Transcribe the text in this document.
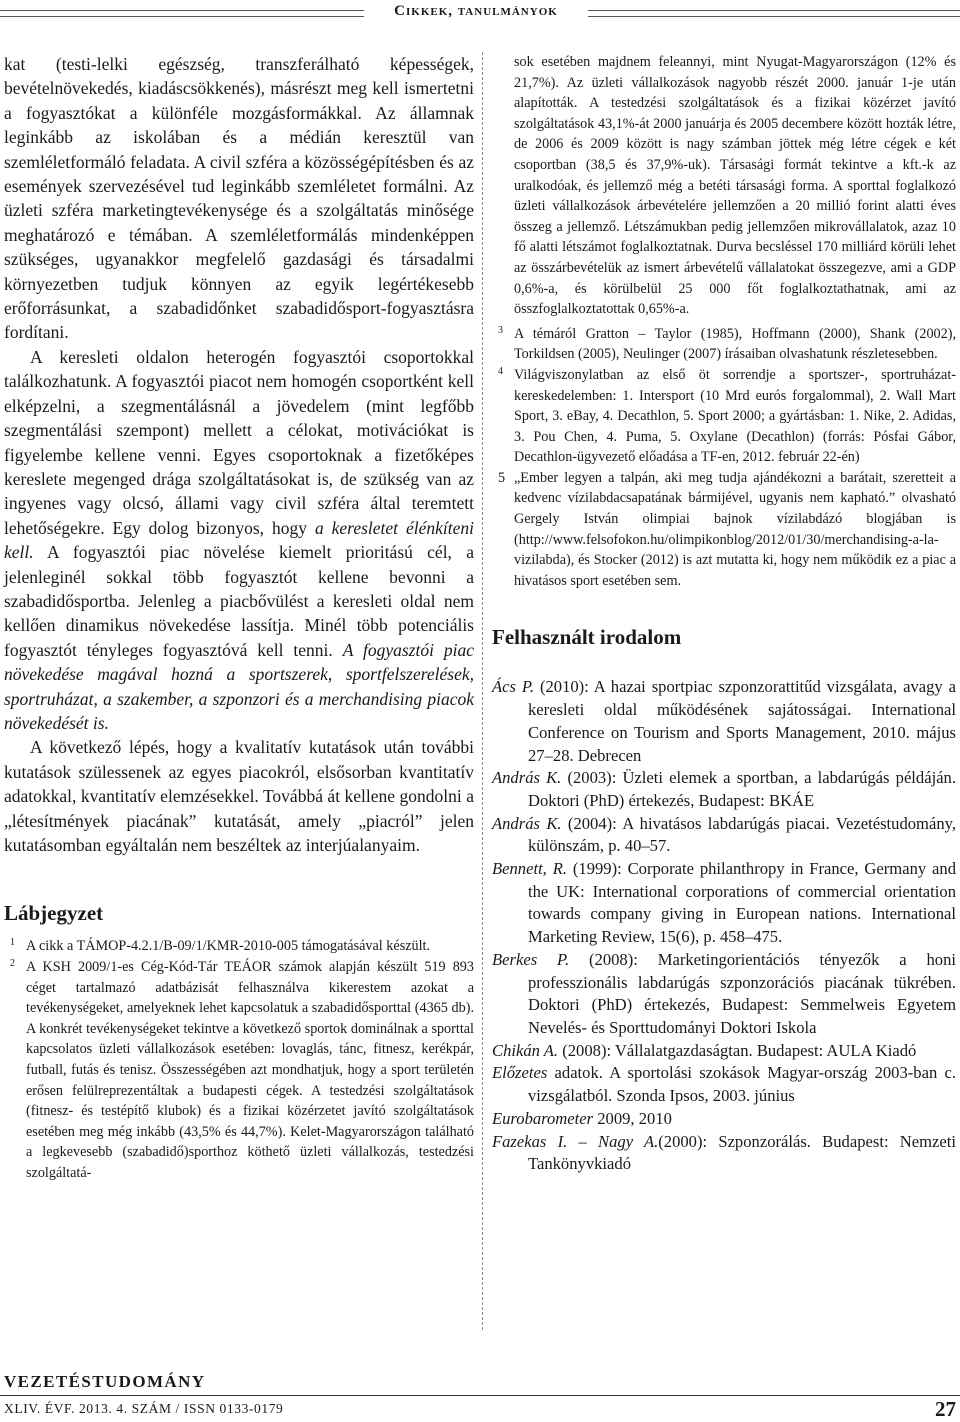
Cikkek, tanulmányok

kat (testi-lelki egészség, transzferálható képességek, bevételnövekedés, kiadáscsökkenés), másrészt meg kell ismertetni a fogyasztókat a különféle mozgásformákkal. Az államnak leginkább az iskolában és a médián keresztül van szemléletformáló feladata. A civil szféra a közösségépítésben és az események szervezésével tud leginkább szemléletet formálni. Az üzleti szféra marketingtevékenysége és a szolgáltatás minősége meghatározó e témában. A szemléletformálás mindenképpen szükséges, ugyanakkor megfelelő gazdasági és társadalmi környezetben tudjuk könnyen az egyik legértékesebb erőforrásunkat, a szabadidőnket szabadidősport-fogyasztásra fordítani.

A keresleti oldalon heterogén fogyasztói csoportokkal találkozhatunk. A fogyasztói piacot nem homogén csoportként kell elképzelni, a szegmentálásnál a jövedelem (mint legfőbb szegmentálási szempont) mellett a célokat, motivációkat is figyelembe kellene venni. Egyes csoportoknak a fizetőképes kereslete megenged drága szolgáltatásokat is, de szükség van az ingyenes vagy olcsó, állami vagy civil szféra által teremtett lehetőségekre. Egy dolog bizonyos, hogy a keresletet élénkíteni kell. A fogyasztói piac növelése kiemelt prioritású cél, a jelenleginél sokkal több fogyasztót kellene bevonni a szabadidősportba. Jelenleg a piacbővülést a keresleti oldal nem kellően dinamikus növekedése lassítja. Minél több potenciális fogyasztót tényleges fogyasztóvá kell tenni. A fogyasztói piac növekedése magával hozná a sportszerek, sportfelszerelések, sportruházat, a szakember, a szponzori és a merchandising piacok növekedését is.

A következő lépés, hogy a kvalitatív kutatások után további kutatások szülessenek az egyes piacokról, elsősorban kvantitatív adatokkal, kvantitatív elemzésekkel. Továbbá át kellene gondolni a „létesítmények piacának” kutatását, amely „piacról” jelen kutatásomban egyáltalán nem beszéltek az interjúalanyaim.

Lábjegyzet

1 A cikk a TÁMOP-4.2.1/B-09/1/KMR-2010-005 támogatásával készült.

2 A KSH 2009/1-es Cég-Kód-Tár TEÁOR számok alapján készült 519 893 céget tartalmazó adatbázisát felhasználva kikerestem azokat a tevékenységeket, amelyeknek lehet kapcsolatuk a szabadidősporttal (4365 db). A konkrét tevékenységeket tekintve a következő sportok dominálnak a sporttal kapcsolatos üzleti vállalkozások esetében: lovaglás, tánc, fitnesz, kerékpár, futball, futás és tenisz. Összességében azt mondhatjuk, hogy a sport területén erősen felülreprezentáltak a budapesti cégek. A testedzési szolgáltatások (fitnesz- és testépítő klubok) és a fizikai közérzetet javító szolgáltatások esetében meg még inkább (43,5% és 44,7%). Kelet-Magyarországon található a legkevesebb (szabadidő)sporthoz köthető üzleti vállalkozás, testedzési szolgáltatá-

sok esetében majdnem feleannyi, mint Nyugat-Magyarországon (12% és 21,7%). Az üzleti vállalkozások nagyobb részét 2000. január 1-je után alapították. A testedzési szolgáltatások és a fizikai közérzet javító szolgáltatások 43,1%-át 2000 januárja és 2005 decembere között hozták létre, de 2006 és 2009 között is nagy számban jöttek még létre cégek e két csoportban (38,5 és 37,9%-uk). Társasági formát tekintve a kft.-k az uralkodóak, és jellemző még a betéti társasági forma. A sporttal foglalkozó üzleti vállalkozások árbevételére jellemzően a 20 millió forint alatti éves összeg a jellemző. Létszámukban pedig jellemzően mikrovállalatok, azaz 10 fő alatti létszámot foglalkoztatnak. Durva becsléssel 170 milliárd körüli lehet az összárbevételük az ismert árbevételű vállalatokat összegezve, ami a GDP 0,6%-a, és körülbelül 25 000 főt foglalkoztathatnak, ami az összfoglalkoztatottak 0,65%-a.

3 A témáról Gratton – Taylor (1985), Hoffmann (2000), Shank (2002), Torkildsen (2005), Neulinger (2007) írásaiban olvashatunk részletesebben.

4 Világviszonylatban az első öt sorrendje a sportszer-, sportruházat-kereskedelemben: 1. Intersport (10 Mrd eurós forgalommal), 2. Wall Mart Sport, 3. eBay, 4. Decathlon, 5. Sport 2000; a gyártásban: 1. Nike, 2. Adidas, 3. Pou Chen, 4. Puma, 5. Oxylane (Decathlon) (forrás: Pósfai Gábor, Decathlon-ügyvezető előadása a TF-en, 2012. február 22-én)

5 „Ember legyen a talpán, aki meg tudja ajándékozni a barátait, szeretteit a kedvenc vízilabdacsapatának bármijével, ugyanis nem kapható.” olvasható Gergely István olimpiai bajnok vízilabdázó blogjában is (http://www.felsofokon.hu/olimpikonblog/2012/01/30/merchandising-a-la-vizilabda), és Stocker (2012) is azt mutatta ki, hogy nem működik ez a piac a hivatásos sport esetében sem.

Felhasznált irodalom

Ács P. (2010): A hazai sportpiac szponzorattitűd vizsgálata, avagy a keresleti oldal működésének sajátosságai. International Conference on Tourism and Sports Management, 2010. május 27–28. Debrecen

András K. (2003): Üzleti elemek a sportban, a labdarúgás példáján. Doktori (PhD) értekezés, Budapest: BKÁE

András K. (2004): A hivatásos labdarúgás piacai. Vezetéstudomány, különszám, p. 40–57.

Bennett, R. (1999): Corporate philanthropy in France, Germany and the UK: International corporations of commercial orientation towards company giving in European nations. International Marketing Review, 15(6), p. 458–475.

Berkes P. (2008): Marketingorientációs tényezők a honi professzionális labdarúgás szponzorációs piacának tükrében. Doktori (PhD) értekezés, Budapest: Semmelweis Egyetem Nevelés- és Sporttudományi Doktori Iskola

Chikán A. (2008): Vállalatgazdaságtan. Budapest: AULA Kiadó

Előzetes adatok. A sportolási szokások Magyar-ország 2003-ban c. vizsgálatból. Szonda Ipsos, 2003. június

Eurobarometer 2009, 2010

Fazekas I. – Nagy A.(2000): Szponzorálás. Budapest: Nemzeti Tankönyvkiadó

VEZETÉSTUDOMÁNY
XLIV. ÉVF. 2013. 4. SZÁM / ISSN 0133-0179	27
